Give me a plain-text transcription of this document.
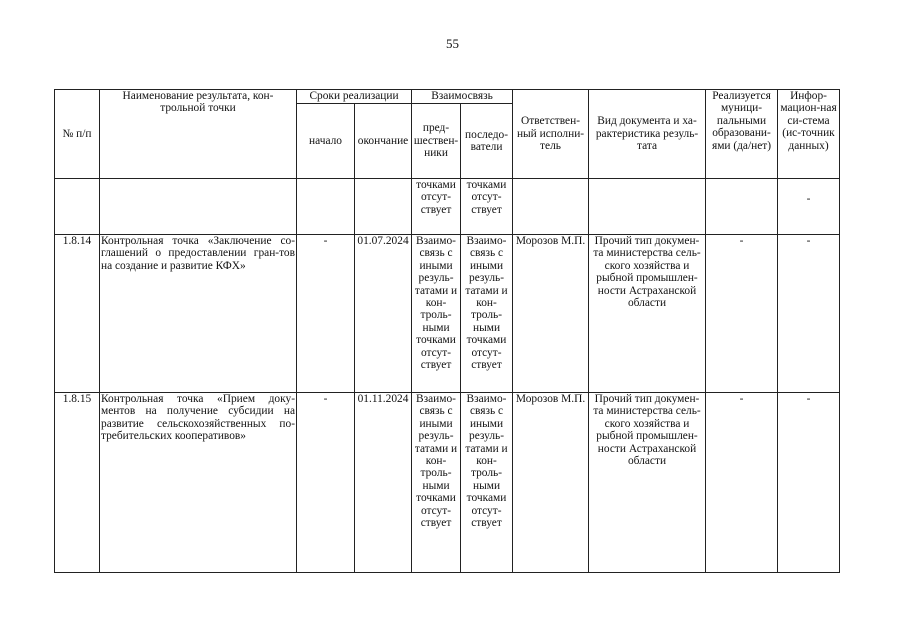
55
№ п/п	Наименование результата, кон-трольной точки	Сроки реализации		Взаимосвязь		Ответствен-ный исполни-тель	Вид документа и ха-рактеристика резуль-тата	Реализуется муници-пальными образовани-ями (да/нет)	Инфор-мацион-ная си-стема (ис-точник данных)
		начало	окончание	пред-шествен-ники	последо-ватели				
				точками отсут-ствует	точками отсут-ствует				-
1.8.14	Контрольная точка «Заключение со-глашений о предоставлении гран-тов на создание и развитие КФХ»	-	01.07.2024	Взаимо-связь с иными резуль-татами и кон-троль-ными точками отсут-ствует	Взаимо-связь с иными резуль-татами и кон-троль-ными точками отсут-ствует	Морозов М.П.	Прочий тип докумен-та министерства сель-ского хозяйства и рыбной промышлен-ности Астраханской области	-	-
1.8.15	Контрольная точка «Прием доку-ментов на получение субсидии на развитие сельскохозяйственных по-требительских кооперативов»	-	01.11.2024	Взаимо-связь с иными резуль-татами и кон-троль-ными точками отсут-ствует	Взаимо-связь с иными резуль-татами и кон-троль-ными точками отсут-ствует	Морозов М.П.	Прочий тип докумен-та министерства сель-ского хозяйства и рыбной промышлен-ности Астраханской области	-	-
